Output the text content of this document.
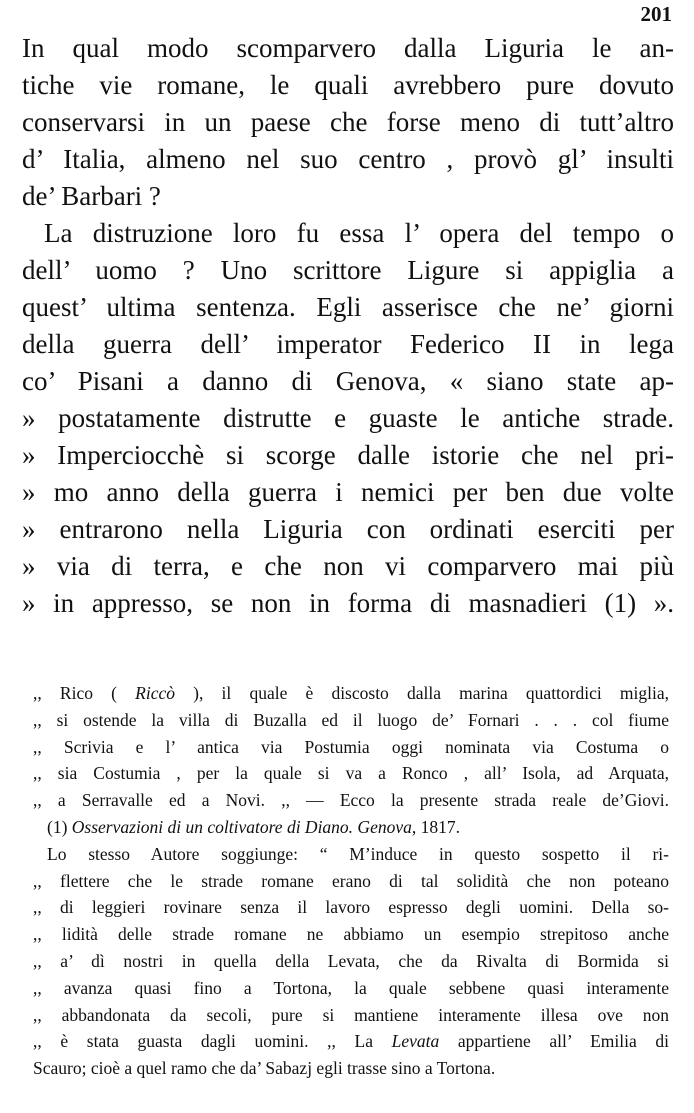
201
In qual modo scomparvero dalla Liguria le an-
tiche vie romane, le quali avrebbero pure dovuto
conservarsi in un paese che forse meno di tutt’altro
d’ Italia, almeno nel suo centro , provò gl’ insulti
de’ Barbari ?
La distruzione loro fu essa l’ opera del tempo o
dell’ uomo ? Uno scrittore Ligure si appiglia a
quest’ ultima sentenza. Egli asserisce che ne’ giorni
della guerra dell’ imperator Federico II in lega
co’ Pisani a danno di Genova, « siano state ap-
» postatamente distrutte e guaste le antiche strade.
» Imperciocchè si scorge dalle istorie che nel pri-
» mo anno della guerra i nemici per ben due volte
» entrarono nella Liguria con ordinati eserciti per
» via di terra, e che non vi comparvero mai più
» in appresso, se non in forma di masnadieri (1) ».
,, Rico ( Riccò ), il quale è discosto dalla marina quattordici miglia,
,, si ostende la villa di Buzalla ed il luogo de’ Fornari . . . col fiume
,, Scrivia e l’ antica via Postumia oggi nominata via Costuma o
,, sia Costumia , per la quale si va a Ronco , all’ Isola, ad Arquata,
,, a Serravalle ed a Novi. ,, — Ecco la presente strada reale de’Giovi.
(1) Osservazioni di un coltivatore di Diano. Genova, 1817.
Lo stesso Autore soggiunge: “ M’induce in questo sospetto il ri-
,, flettere che le strade romane erano di tal solidità che non poteano
,, di leggieri rovinare senza il lavoro espresso degli uomini. Della so-
,, lidità delle strade romane ne abbiamo un esempio strepitoso anche
,, a’ dì nostri in quella della Levata, che da Rivalta di Bormida si
,, avanza quasi fino a Tortona, la quale sebbene quasi interamente
,, abbandonata da secoli, pure si mantiene interamente illesa ove non
,, è stata guasta dagli uomini. ,, La Levata appartiene all’ Emilia di
Scauro; cioè a quel ramo che da’ Sabazj egli trasse sino a Tortona.
